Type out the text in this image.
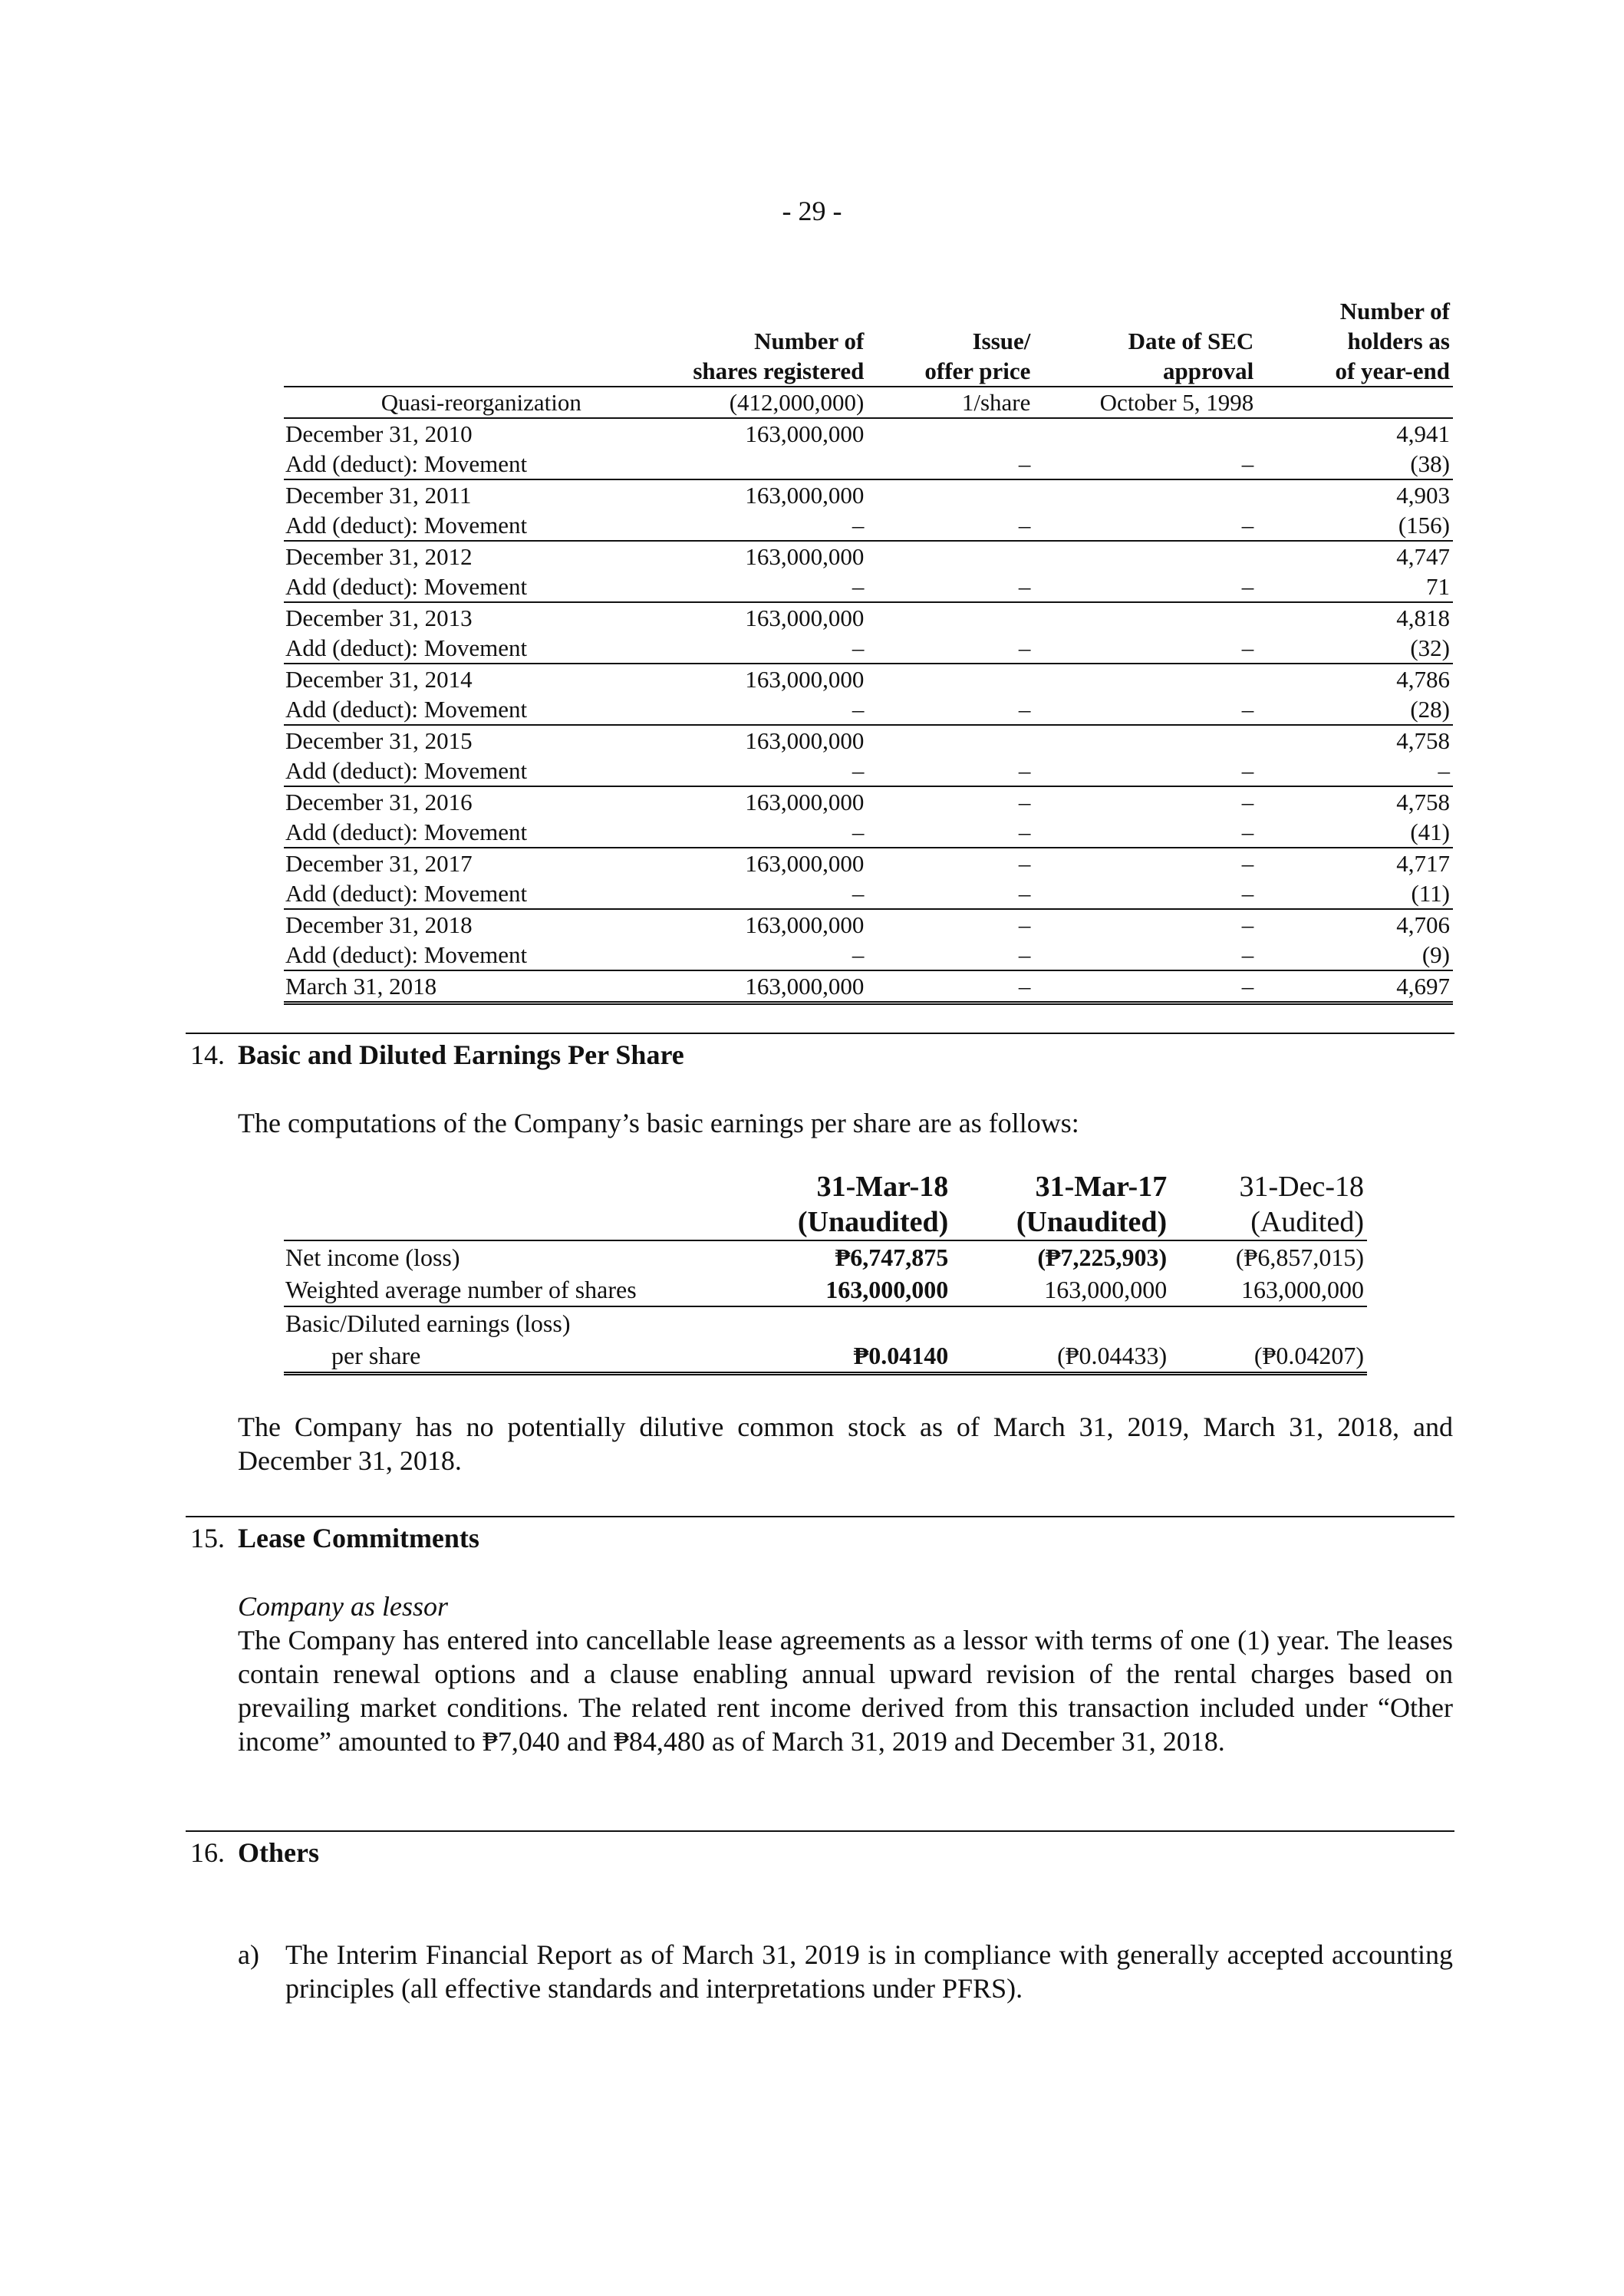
- 29 -
				Number of
	Number of	Issue/	Date of SEC	holders as
	shares registered	offer price	approval	of year-end
Quasi-reorganization	(412,000,000)	1/share	October 5, 1998	
December 31, 2010	163,000,000			4,941
Add (deduct): Movement		–	–	(38)
December 31, 2011	163,000,000			4,903
Add (deduct): Movement	–	–	–	(156)
December 31, 2012	163,000,000			4,747
Add (deduct): Movement	–	–	–	71
December 31, 2013	163,000,000			4,818
Add (deduct): Movement	–	–	–	(32)
December 31, 2014	163,000,000			4,786
Add (deduct): Movement	–	–	–	(28)
December 31, 2015	163,000,000			4,758
Add (deduct): Movement	–	–	–	–
December 31, 2016	163,000,000	–	–	4,758
Add (deduct): Movement	–	–	–	(41)
December 31, 2017	163,000,000	–	–	4,717
Add (deduct): Movement	–	–	–	(11)
December 31, 2018	163,000,000	–	–	4,706
Add (deduct): Movement	–	–	–	(9)
March 31, 2018	163,000,000	–	–	4,697
14. Basic and Diluted Earnings Per Share
The computations of the Company’s basic earnings per share are as follows:
	31-Mar-18	31-Mar-17	31-Dec-18
	(Unaudited)	(Unaudited)	(Audited)
Net income (loss)	₱6,747,875	(₱7,225,903)	(₱6,857,015)
Weighted average number of shares	163,000,000	163,000,000	163,000,000
Basic/Diluted earnings (loss)			
per share	₱0.04140	(₱0.04433)	(₱0.04207)
The Company has no potentially dilutive common stock as of March 31, 2019, March 31, 2018, and December 31, 2018.
15. Lease Commitments
Company as lessor
The Company has entered into cancellable lease agreements as a lessor with terms of one (1) year. The leases contain renewal options and a clause enabling annual upward revision of the rental charges based on prevailing market conditions. The related rent income derived from this transaction included under “Other income” amounted to ₱7,040 and ₱84,480 as of March 31, 2019 and December 31, 2018.
16. Others
a) The Interim Financial Report as of March 31, 2019 is in compliance with generally accepted accounting principles (all effective standards and interpretations under PFRS).
